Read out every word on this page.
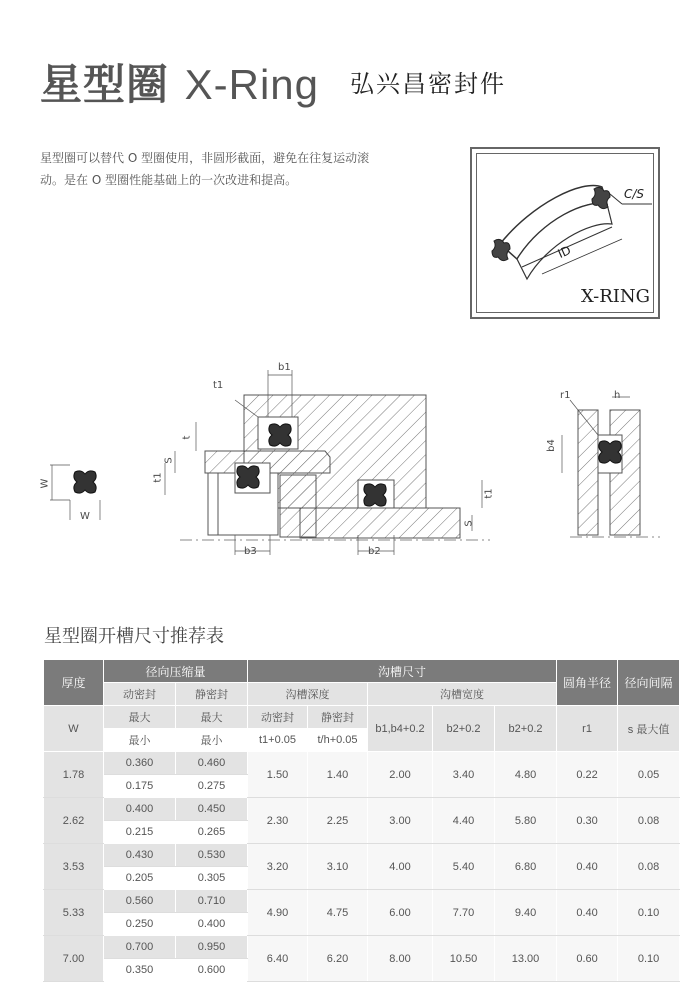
星型圈 X-Ring 弘兴昌密封件
星型圈可以替代 O 型圈使用，非圆形截面，避免在往复运动滚动。是在 O 型圈性能基础上的一次改进和提高。
C/S
ID
X-RING
b1
t1
t
S
t1
W
W
b3	b2
t1
S
r1	h
b4
星型圈开槽尺寸推荐表
厚度	径向压缩量		沟槽尺寸					圆角半径	径向间隔
	动密封	静密封	沟槽深度		沟槽宽度				
W	最大	最大	动密封	静密封	b1,b4+0.2	b2+0.2	b2+0.2	r1	s 最大值
	最小	最小	t1+0.05	t/h+0.05					
1.78	0.360	0.460	1.50	1.40	2.00	3.40	4.80	0.22	0.05
	0.175	0.275							
2.62	0.400	0.450	2.30	2.25	3.00	4.40	5.80	0.30	0.08
	0.215	0.265							
3.53	0.430	0.530	3.20	3.10	4.00	5.40	6.80	0.40	0.08
	0.205	0.305							
5.33	0.560	0.710	4.90	4.75	6.00	7.70	9.40	0.40	0.10
	0.250	0.400							
7.00	0.700	0.950	6.40	6.20	8.00	10.50	13.00	0.60	0.10
	0.350	0.600							
